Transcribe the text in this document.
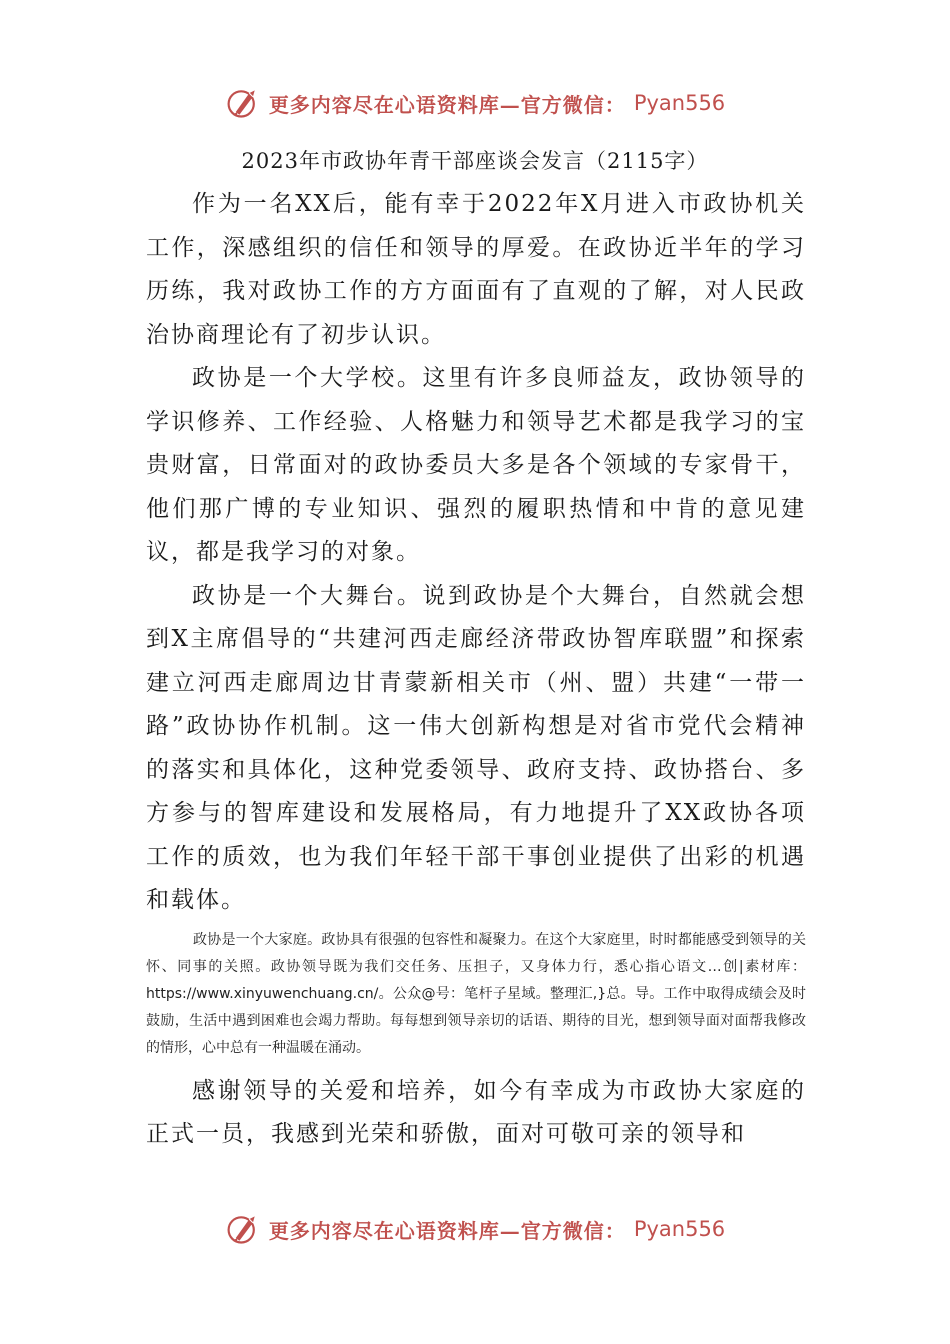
更多内容尽在心语资料库—官方微信： Pyan556
2023年市政协年青干部座谈会发言（2115字）

作为一名XX后，能有幸于2022年X月进入市政协机关工作，深感组织的信任和领导的厚爱。在政协近半年的学习历练，我对政协工作的方方面面有了直观的了解，对人民政治协商理论有了初步认识。

政协是一个大学校。这里有许多良师益友，政协领导的学识修养、工作经验、人格魅力和领导艺术都是我学习的宝贵财富，日常面对的政协委员大多是各个领域的专家骨干，他们那广博的专业知识、强烈的履职热情和中肯的意见建议，都是我学习的对象。

政协是一个大舞台。说到政协是个大舞台，自然就会想到X主席倡导的“共建河西走廊经济带政协智库联盟”和探索建立河西走廊周边甘青蒙新相关市（州、盟）共建“一带一路”政协协作机制。这一伟大创新构想是对省市党代会精神的落实和具体化，这种党委领导、政府支持、政协搭台、多方参与的智库建设和发展格局，有力地提升了XX政协各项工作的质效，也为我们年轻干部干事创业提供了出彩的机遇和载体。

政协是一个大家庭。政协具有很强的包容性和凝聚力。在这个大家庭里，时时都能感受到领导的关怀、同事的关照。政协领导既为我们交任务、压担子，又身体力行，悉心指心语文…创|素材库：https://www.xinyuwenchuang.cn/。公众@号：笔杆子星域。整理汇,}总。导。工作中取得成绩会及时鼓励，生活中遇到困难也会竭力帮助。每每想到领导亲切的话语、期待的目光，想到领导面对面帮我修改 的情形，心中总有一种温暖在涌动。

感谢领导的关爱和培养，如今有幸成为市政协大家庭的正式一员，我感到光荣和骄傲，面对可敬可亲的领导和

更多内容尽在心语资料库—官方微信： Pyan556
